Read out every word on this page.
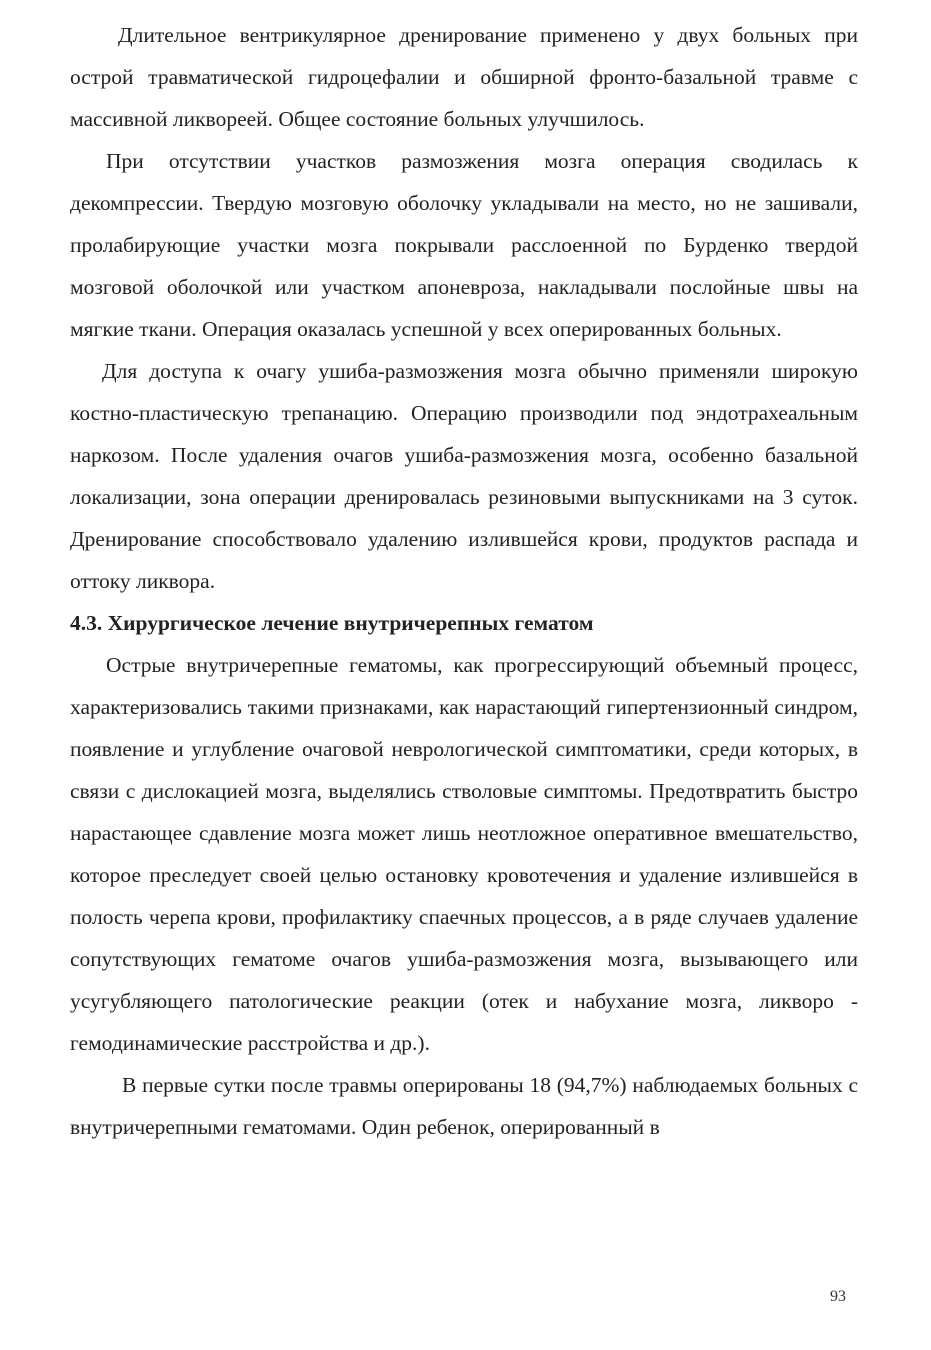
Длительное вентрикулярное дренирование применено у двух больных при острой травматической гидроцефалии и обширной фронто-базальной травме с массивной ликвореей. Общее состояние больных улучшилось.

При отсутствии участков размозжения мозга операция сводилась к декомпрессии. Твердую мозговую оболочку укладывали на место, но не зашивали, пролабирующие участки мозга покрывали расслоенной по Бурденко твердой мозговой оболочкой или участком апоневроза, накладывали послойные швы на мягкие ткани. Операция оказалась успешной у всех оперированных больных.

Для доступа к очагу ушиба-размозжения мозга обычно применяли широкую костно-пластическую трепанацию. Операцию производили под эндотрахеальным наркозом. После удаления очагов ушиба-размозжения мозга, особенно базальной локализации, зона операции дренировалась резиновыми выпускниками на 3 суток. Дренирование способствовало удалению излившейся крови, продуктов распада и оттоку ликвора.

4.3. Хирургическое лечение внутричерепных гематом

Острые внутричерепные гематомы, как прогрессирующий объемный процесс, характеризовались такими признаками, как нарастающий гипертензионный синдром, появление и углубление очаговой неврологической симптоматики, среди которых, в связи с дислокацией мозга, выделялись стволовые симптомы. Предотвратить быстро нарастающее сдавление мозга может лишь неотложное оперативное вмешательство, которое преследует своей целью остановку кровотечения и удаление излившейся в полость черепа крови, профилактику спаечных процессов, а в ряде случаев удаление сопутствующих гематоме очагов ушиба-размозжения мозга, вызывающего или усугубляющего патологические реакции (отек и набухание мозга, ликворо - гемодинамические расстройства и др.).

В первые сутки после травмы оперированы 18 (94,7%) наблюдаемых больных с внутричерепными гематомами. Один ребенок, оперированный в

93
